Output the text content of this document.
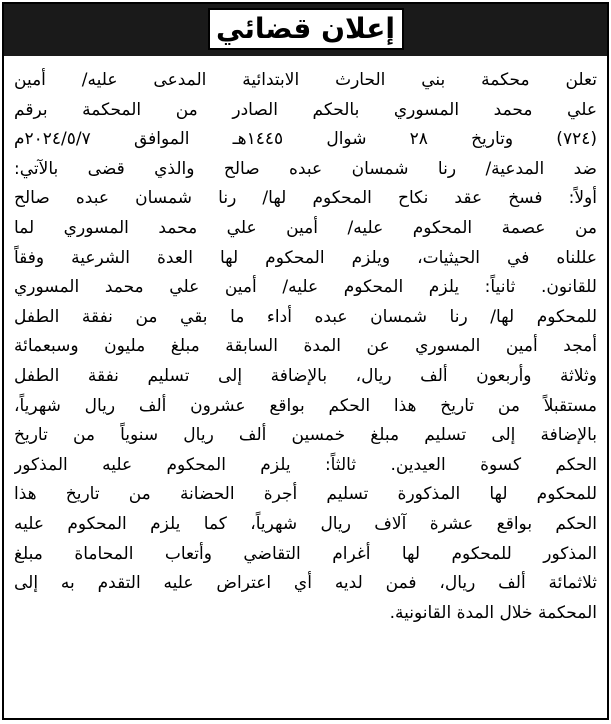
إعلان قضائي
تعلن محكمة بني الحارث الابتدائية المدعى عليه/ أمين
علي محمد المسوري بالحكم الصادر من المحكمة برقم
(٧٢٤) وتاريخ ٢٨ شوال ١٤٤٥هـ الموافق ٢٠٢٤/٥/٧م
ضد المدعية/ رنا شمسان عبده صالح والذي قضى بالآتي:
أولاً: فسخ عقد نكاح المحكوم لها/ رنا شمسان عبده صالح
من عصمة المحكوم عليه/ أمين علي محمد المسوري لما
عللناه في الحيثيات، ويلزم المحكوم لها العدة الشرعية وفقاً
للقانون. ثانياً: يلزم المحكوم عليه/ أمين علي محمد المسوري
للمحكوم لها/ رنا شمسان عبده أداء ما بقي من نفقة الطفل
أمجد أمين المسوري عن المدة السابقة مبلغ مليون وسبعمائة
وثلاثة وأربعون ألف ريال، بالإضافة إلى تسليم نفقة الطفل
مستقبلاً من تاريخ هذا الحكم بواقع عشرون ألف ريال شهرياً،
بالإضافة إلى تسليم مبلغ خمسين ألف ريال سنوياً من تاريخ
الحكم كسوة العيدين. ثالثاً: يلزم المحكوم عليه المذكور
للمحكوم لها المذكورة تسليم أجرة الحضانة من تاريخ هذا
الحكم بواقع عشرة آلاف ريال شهرياً، كما يلزم المحكوم عليه
المذكور للمحكوم لها أغرام التقاضي وأتعاب المحاماة مبلغ
ثلاثمائة ألف ريال، فمن لديه أي اعتراض عليه التقدم به إلى
المحكمة خلال المدة القانونية.
